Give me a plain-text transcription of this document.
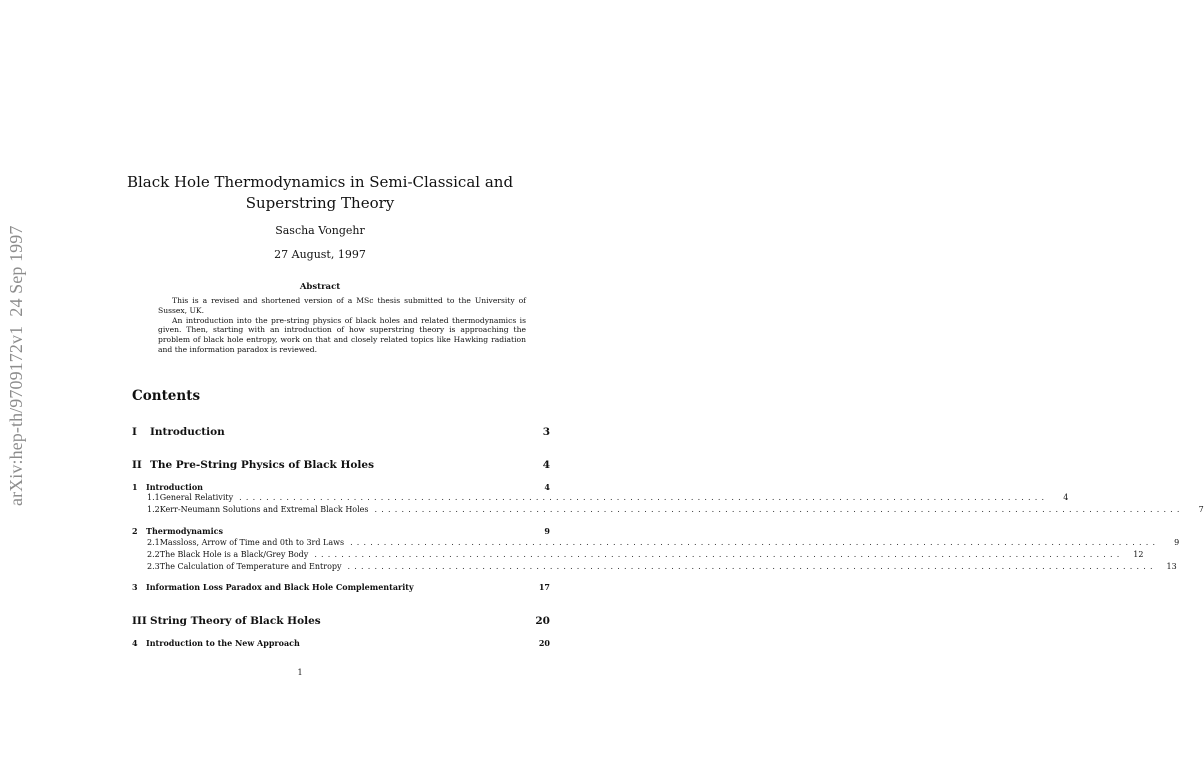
arXiv:hep-th/9709172v1  24 Sep 1997
Black Hole Thermodynamics in Semi-Classical and
Superstring Theory
Sascha Vongehr
27 August, 1997
Abstract

This is a revised and shortened version of a MSc thesis submitted to the University of Sussex, UK.

An introduction into the pre-string physics of black holes and related thermodynamics is given. Then, starting with an introduction of how superstring theory is approaching the problem of black hole entropy, work on that and closely related topics like Hawking radiation and the information paradox is reviewed.

Contents
I	Introduction	3
II The Pre-String Physics of Black Holes	4
1	Introduction	4
1.1 General Relativity ........................................................................................................................	4
1.2 Kerr-Neumann Solutions and Extremal Black Holes ........................................................................................................................	7
2	Thermodynamics	9
2.1 Massloss, Arrow of Time and 0th to 3rd Laws ........................................................................................................................	9
2.2 The Black Hole is a Black/Grey Body ........................................................................................................................	12
2.3 The Calculation of Temperature and Entropy ........................................................................................................................	13
3	Information Loss Paradox and Black Hole Complementarity	17
III String Theory of Black Holes	20
4	Introduction to the New Approach	20
1
